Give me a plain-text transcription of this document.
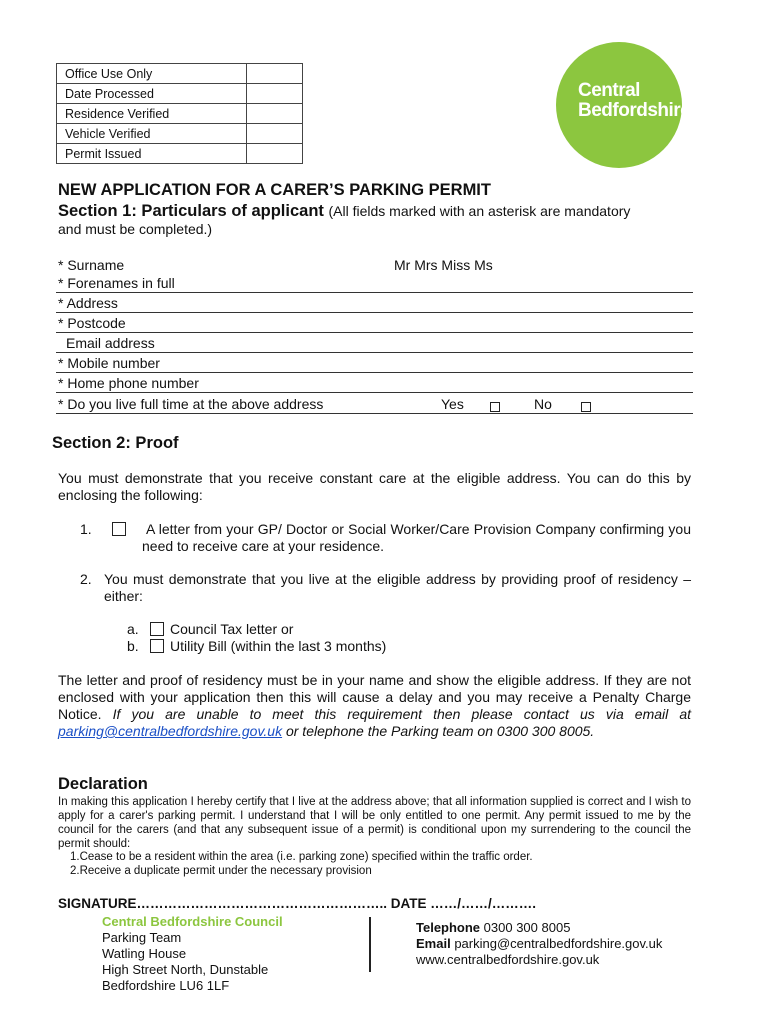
Office Use Only	
Date Processed	
Residence Verified	
Vehicle Verified	
Permit Issued	
Central
Bedfordshire
NEW APPLICATION FOR A CARER’S PARKING PERMIT
Section 1: Particulars of applicant (All fields marked with an asterisk are mandatory
and must be completed.)
* Surname	Mr Mrs Miss Ms
* Forenames in full
* Address
* Postcode
Email address
* Mobile number
* Home phone number
* Do you live full time at the above address	Yes	No
Section 2: Proof
You must demonstrate that you receive constant care at the eligible address. You can do this by enclosing the following:
1.	A letter from your GP/ Doctor or Social Worker/Care Provision Company confirming you need to receive care at your residence.
2. You must demonstrate that you live at the eligible address by providing proof of residency – either:
a. Council Tax letter or
b. Utility Bill (within the last 3 months)
The letter and proof of residency must be in your name and show the eligible address. If they are not enclosed with your application then this will cause a delay and you may receive a Penalty Charge Notice. If you are unable to meet this requirement then please contact us via email at parking@centralbedfordshire.gov.uk or telephone the Parking team on 0300 300 8005.
Declaration
In making this application I hereby certify that I live at the address above; that all information supplied is correct and I wish to apply for a carer's parking permit. I understand that I will be only entitled to one permit. Any permit issued to me by the council for the carers (and that any subsequent issue of a permit) is conditional upon my surrendering to the council the permit should:
1.Cease to be a resident within the area (i.e. parking zone) specified within the traffic order.
2.Receive a duplicate permit under the necessary provision
SIGNATURE……………………………………………….. DATE ……/……/……….
Central Bedfordshire Council
Parking Team
Watling House
High Street North, Dunstable
Bedfordshire LU6 1LF
Telephone 0300 300 8005
Email parking@centralbedfordshire.gov.uk
www.centralbedfordshire.gov.uk
